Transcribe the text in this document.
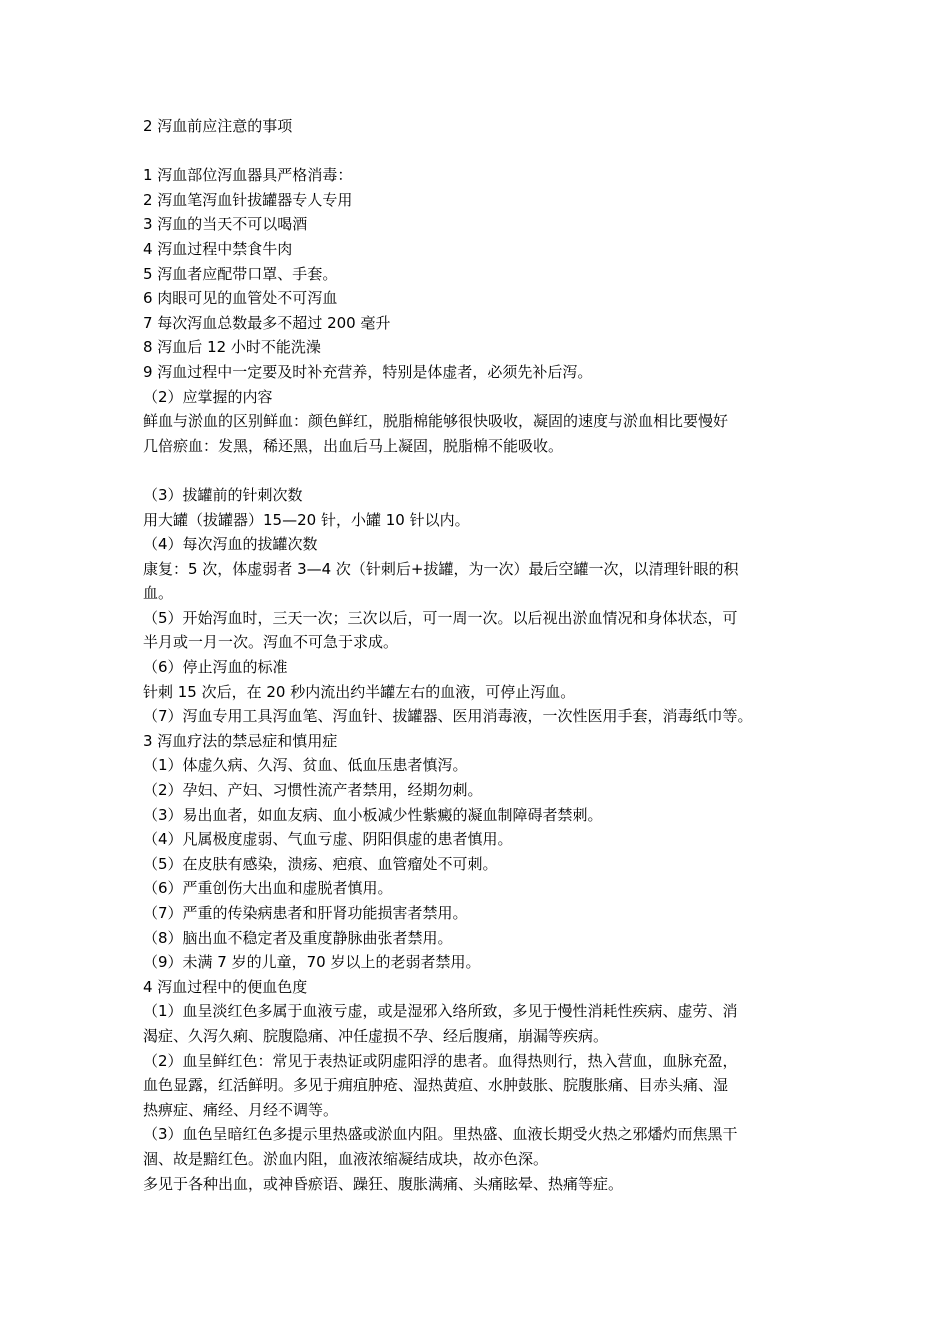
2 泻血前应注意的事项
1 泻血部位泻血器具严格消毒：
2 泻血笔泻血针拔罐器专人专用
3 泻血的当天不可以喝酒
4 泻血过程中禁食牛肉
5 泻血者应配带口罩、手套。
6 肉眼可见的血管处不可泻血
7 每次泻血总数最多不超过 200 毫升
8 泻血后 12 小时不能洗澡
9 泻血过程中一定要及时补充营养，特别是体虚者，必须先补后泻。
（2）应掌握的内容
鲜血与淤血的区别鲜血：颜色鲜红，脱脂棉能够很快吸收，凝固的速度与淤血相比要慢好
几倍瘀血：发黑，稀还黑，出血后马上凝固，脱脂棉不能吸收。
（3）拔罐前的针刺次数
用大罐（拔罐器）15—20 针，小罐 10 针以内。
（4）每次泻血的拔罐次数
康复：5 次，体虚弱者 3—4 次（针刺后+拔罐，为一次）最后空罐一次，以清理针眼的积
血。
（5）开始泻血时，三天一次；三次以后，可一周一次。以后视出淤血情况和身体状态，可
半月或一月一次。泻血不可急于求成。
（6）停止泻血的标准
针刺 15 次后，在 20 秒内流出约半罐左右的血液，可停止泻血。
（7）泻血专用工具泻血笔、泻血针、拔罐器、医用消毒液，一次性医用手套，消毒纸巾等。
3 泻血疗法的禁忌症和慎用症
（1）体虚久病、久泻、贫血、低血压患者慎泻。
（2）孕妇、产妇、习惯性流产者禁用，经期勿刺。
（3）易出血者，如血友病、血小板减少性紫癜的凝血制障碍者禁刺。
（4）凡属极度虚弱、气血亏虚、阴阳俱虚的患者慎用。
（5）在皮肤有感染，溃疡、疤痕、血管瘤处不可刺。
（6）严重创伤大出血和虚脱者慎用。
（7）严重的传染病患者和肝肾功能损害者禁用。
（8）脑出血不稳定者及重度静脉曲张者禁用。
（9）未满 7 岁的儿童，70 岁以上的老弱者禁用。
4 泻血过程中的便血色度
（1）血呈淡红色多属于血液亏虚，或是湿邪入络所致，多见于慢性消耗性疾病、虚劳、消
渴症、久泻久痢、脘腹隐痛、冲任虚损不孕、经后腹痛，崩漏等疾病。
（2）血呈鲜红色：常见于表热证或阴虚阳浮的患者。血得热则行，热入营血，血脉充盈，
血色显露，红活鲜明。多见于痈疽肿疮、湿热黄疸、水肿鼓胀、脘腹胀痛、目赤头痛、湿
热痹症、痛经、月经不调等。
（3）血色呈暗红色多提示里热盛或淤血内阻。里热盛、血液长期受火热之邪燔灼而焦黑干
涸、故是黯红色。淤血内阻，血液浓缩凝结成块，故亦色深。
多见于各种出血，或神昏瘀语、躁狂、腹胀满痛、头痛眩晕、热痛等症。
